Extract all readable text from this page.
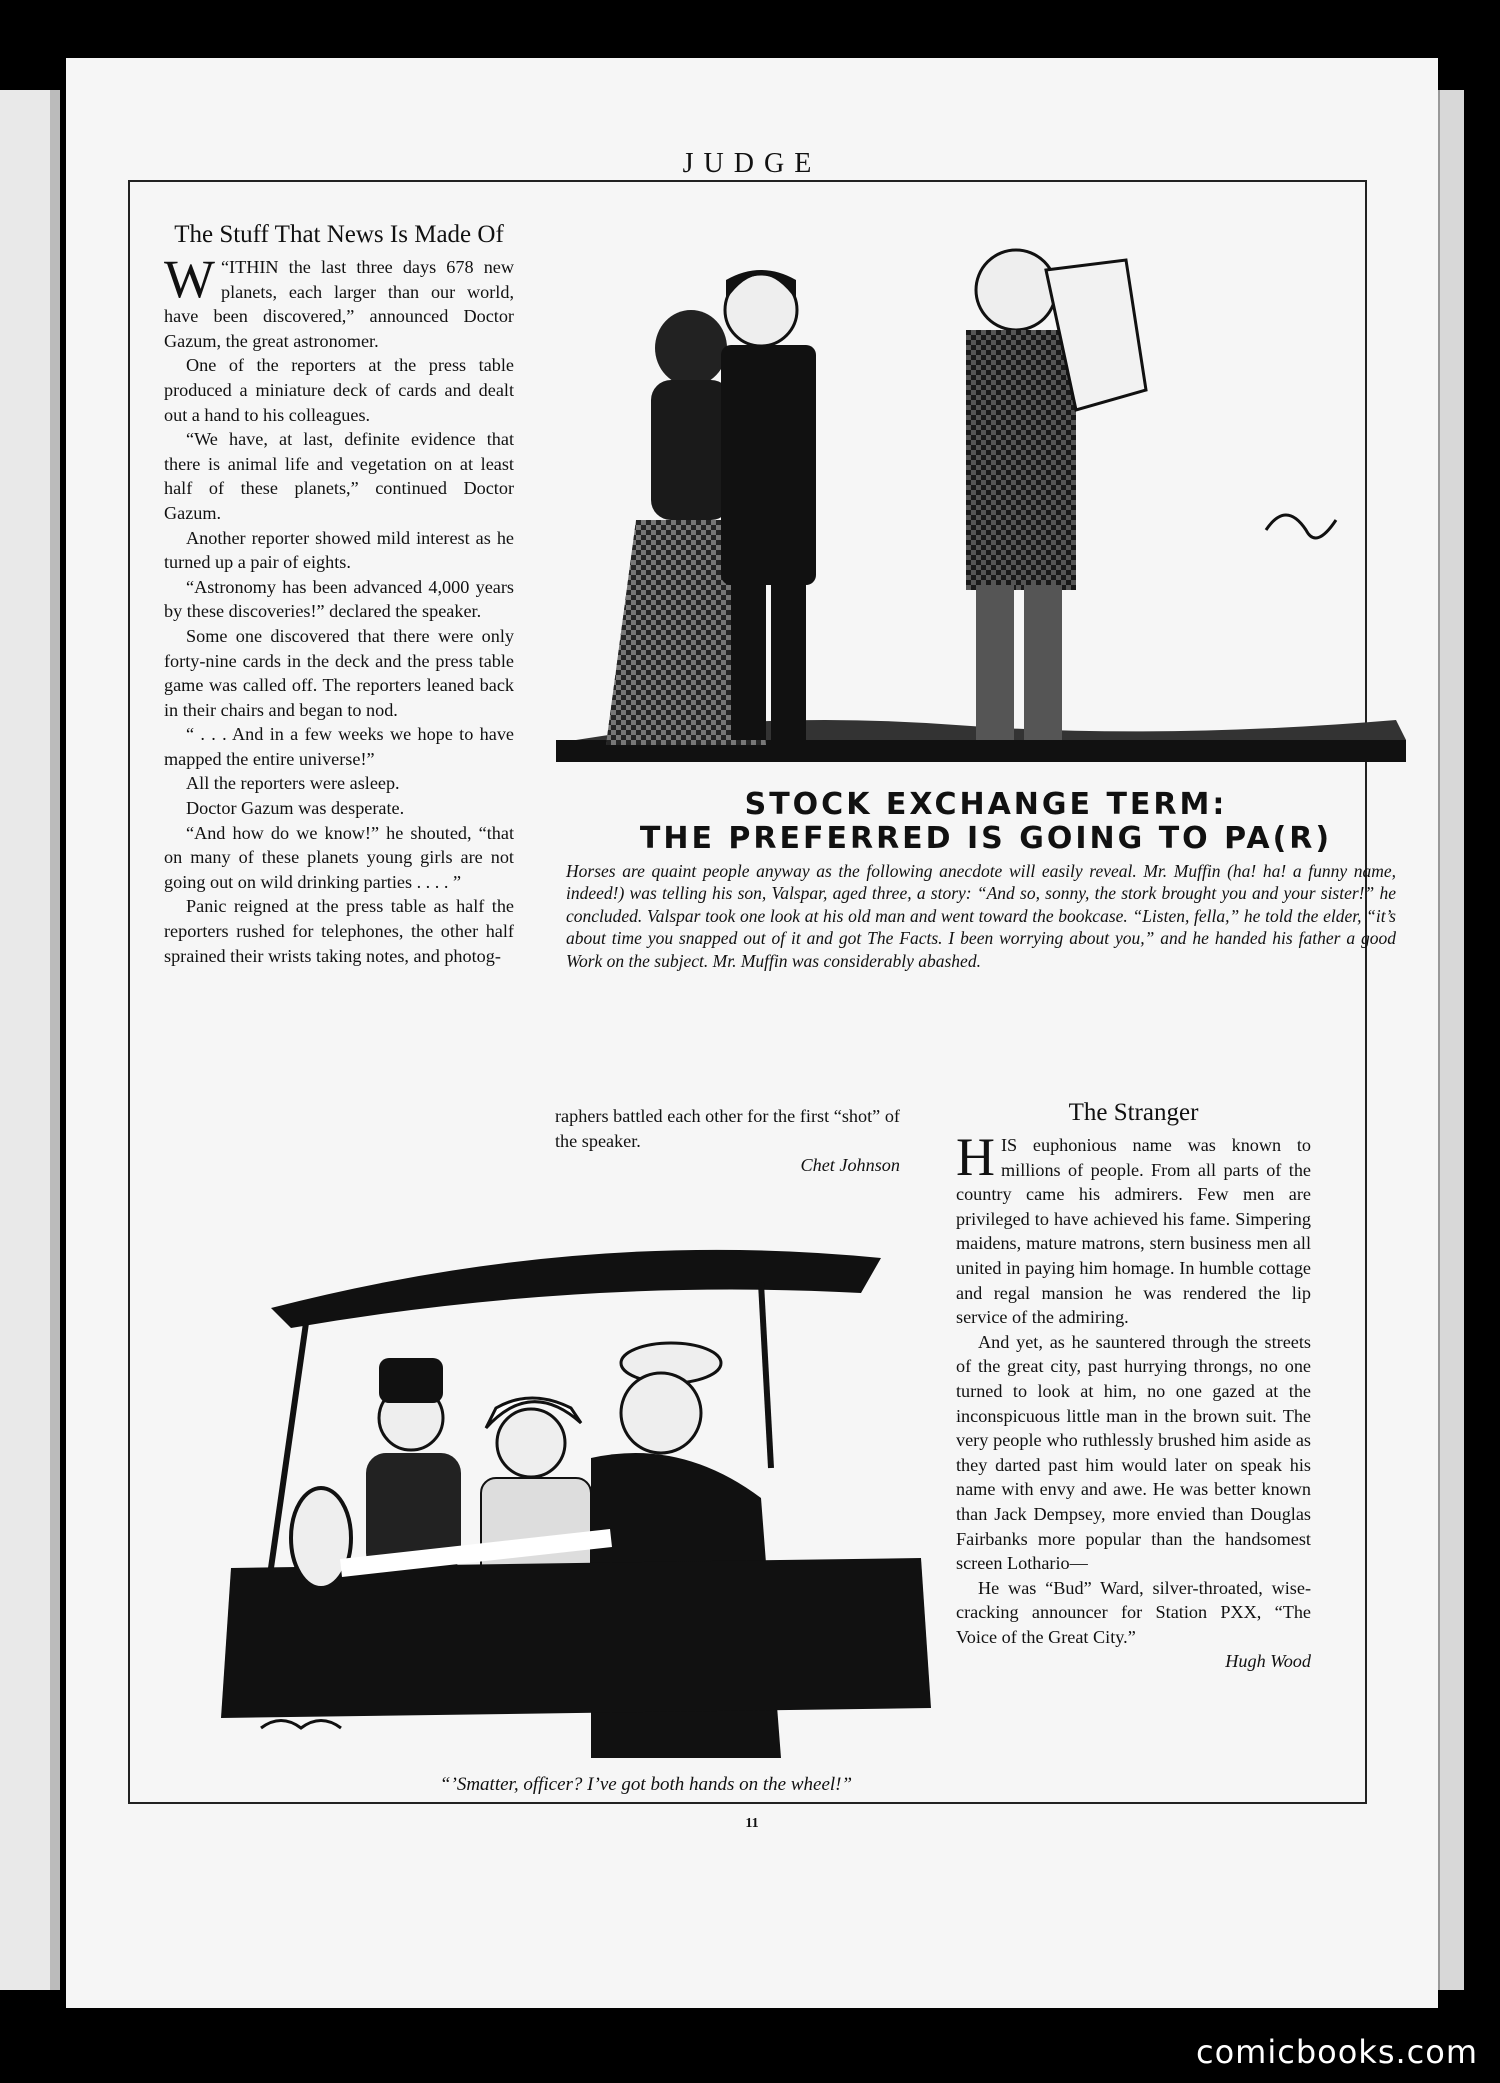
JUDGE
The Stuff That News Is Made Of

W “ITHIN the last three days 678 new planets, each larger than our world, have been discovered,” announced Doctor Gazum, the great astronomer.

One of the reporters at the press table produced a miniature deck of cards and dealt out a hand to his colleagues.

“We have, at last, definite evidence that there is animal life and vegetation on at least half of these planets,” continued Doctor Gazum.

Another reporter showed mild interest as he turned up a pair of eights.

“Astronomy has been advanced 4,000 years by these discoveries!” declared the speaker.

Some one discovered that there were only forty-nine cards in the deck and the press table game was called off. The reporters leaned back in their chairs and began to nod.

“ . . . And in a few weeks we hope to have mapped the entire universe!”

All the reporters were asleep.

Doctor Gazum was desperate.

“And how do we know!” he shouted, “that on many of these planets young girls are not going out on wild drinking parties . . . . ”

Panic reigned at the press table as half the reporters rushed for telephones, the other half sprained their wrists taking notes, and photog-

raphers battled each other for the first “shot” of the speaker.

Chet Johnson

STOCK EXCHANGE TERM:
THE PREFERRED IS GOING TO PA(R)
Horses are quaint people anyway as the following anecdote will easily reveal. Mr. Muffin (ha! ha! a funny name, indeed!) was telling his son, Valspar, aged three, a story: “And so, sonny, the stork brought you and your sister!” he concluded. Valspar took one look at his old man and went toward the bookcase. “Listen, fella,” he told the elder, “it’s about time you snapped out of it and got The Facts. I been worrying about you,” and he handed his father a good Work on the subject. Mr. Muffin was considerably abashed.
The Stranger

HIS euphonious name was known to millions of people. From all parts of the country came his admirers. Few men are privileged to have achieved his fame. Simpering maidens, mature matrons, stern business men all united in paying him homage. In humble cottage and regal mansion he was rendered the lip service of the admiring.

And yet, as he sauntered through the streets of the great city, past hurrying throngs, no one turned to look at him, no one gazed at the inconspicuous little man in the brown suit. The very people who ruthlessly brushed him aside as they darted past him would later on speak his name with envy and awe. He was better known than Jack Dempsey, more envied than Douglas Fairbanks more popular than the handsomest screen Lothario—

He was “Bud” Ward, silver-throated, wise-cracking announcer for Station PXX, “The Voice of the Great City.”

Hugh Wood

“’Smatter, officer? I’ve got both hands on the wheel!”
11
comicbooks.com
